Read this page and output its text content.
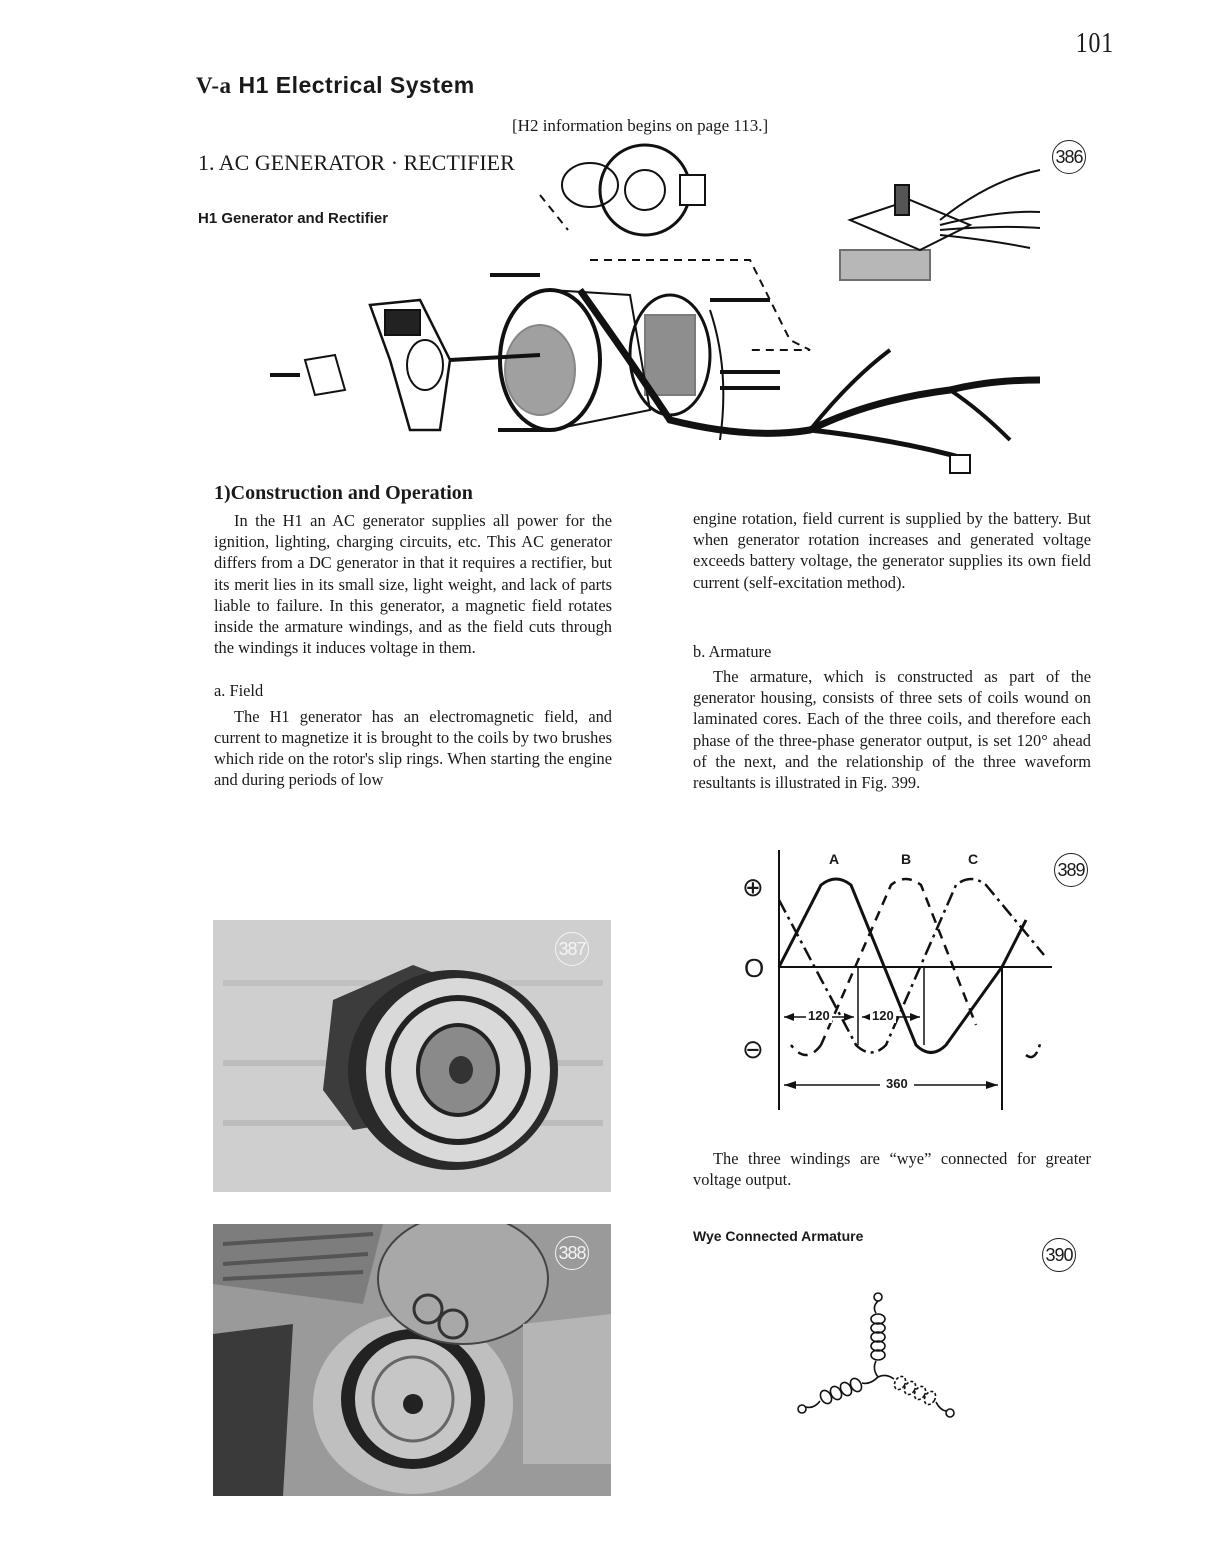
101
V-a H1 Electrical System
[H2 information begins on page 113.]
1. AC GENERATOR · RECTIFIER
H1 Generator and Rectifier
386
1)Construction and Operation

In the H1 an AC generator supplies all power for the ignition, lighting, charging circuits, etc. This AC generator differs from a DC generator in that it requires a rectifier, but its merit lies in its small size, light weight, and lack of parts liable to failure. In this generator, a magnetic field rotates inside the armature windings, and as the field cuts through the windings it induces voltage in them.

a. Field

The H1 generator has an electromagnetic field, and current to magnetize it is brought to the coils by two brushes which ride on the rotor's slip rings. When starting the engine and during periods of low

engine rotation, field current is supplied by the battery. But when generator rotation increases and generated voltage exceeds battery voltage, the generator supplies its own field current (self-excitation method).

b. Armature

The armature, which is constructed as part of the generator housing, consists of three sets of coils wound on laminated cores. Each of the three coils, and therefore each phase of the three-phase generator output, is set 120° ahead of the next, and the relationship of the three waveform resultants is illustrated in Fig. 399.

387
388
A	B	C
⊕
O
⊖
120	120
360
389

The three windings are “wye” connected for greater voltage output.

Wye Connected Armature
390
